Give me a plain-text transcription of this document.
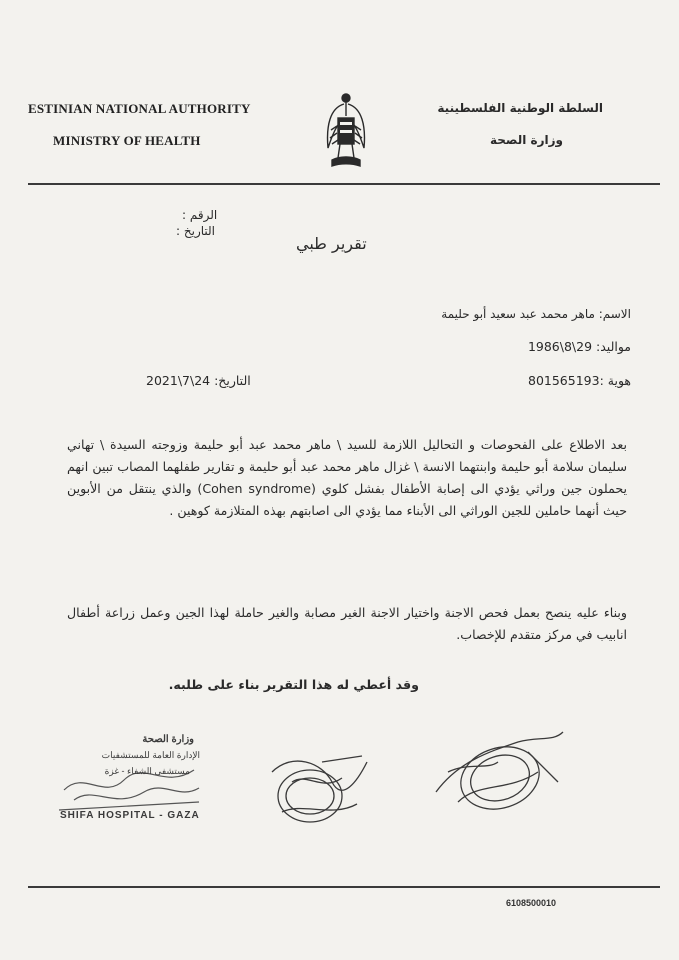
ESTINIAN NATIONAL AUTHORITY
MINISTRY OF HEALTH
السلطة الوطنية الفلسطينية
وزارة الصحة
الرقم :
التاريخ :
تقرير طبي
الاسم: ماهر محمد عبد سعيد أبو حليمة
مواليد: 29\8\1986
هوية :801565193
التاريخ: 24\7\2021
بعد الاطلاع على الفحوصات و التحاليل اللازمة للسيد \ ماهر محمد عبد أبو حليمة وزوجته السيدة \ تهاني سليمان سلامة أبو حليمة وابنتهما الانسة \ غزال ماهر محمد عبد أبو حليمة و تقارير طفلهما المصاب تبين انهم يحملون جين وراثي يؤدي الى إصابة الأطفال بفشل كلوي (Cohen syndrome) والذي ينتقل من الأبوين حيث أنهما حاملين للجين الوراثي الى الأبناء مما يؤدي الى اصابتهم بهذه المتلازمة كوهين .
وبناء عليه ينصح بعمل فحص الاجنة واختيار الاجنة الغير مصابة والغير حاملة لهذا الجين وعمل زراعة أطفال انابيب في مركز متقدم للإخصاب.
وقد أعطي له هذا التقرير بناء على طلبه.
وزارة الصحة
الإدارة العامة للمستشفيات
مستشفى الشفاء - غزة
SHIFA HOSPITAL - GAZA
6108500010
